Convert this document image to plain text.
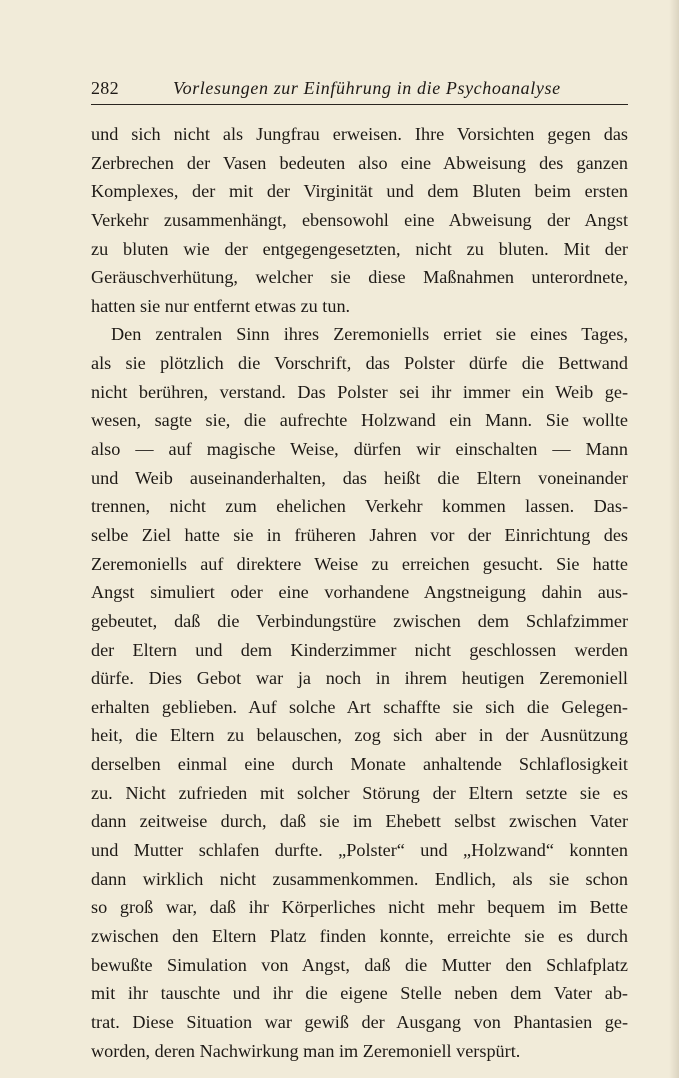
282	Vorlesungen zur Einführung in die Psychoanalyse
und sich nicht als Jungfrau erweisen. Ihre Vorsichten gegen das
Zerbrechen der Vasen bedeuten also eine Abweisung des ganzen
Komplexes, der mit der Virginität und dem Bluten beim ersten
Verkehr zusammenhängt, ebensowohl eine Abweisung der Angst
zu bluten wie der entgegengesetzten, nicht zu bluten. Mit der
Geräuschverhütung, welcher sie diese Maßnahmen unterordnete,
hatten sie nur entfernt etwas zu tun.
Den zentralen Sinn ihres Zeremoniells erriet sie eines Tages,
als sie plötzlich die Vorschrift, das Polster dürfe die Bettwand
nicht berühren, verstand. Das Polster sei ihr immer ein Weib ge-
wesen, sagte sie, die aufrechte Holzwand ein Mann. Sie wollte
also — auf magische Weise, dürfen wir einschalten — Mann
und Weib auseinanderhalten, das heißt die Eltern voneinander
trennen, nicht zum ehelichen Verkehr kommen lassen. Das-
selbe Ziel hatte sie in früheren Jahren vor der Einrichtung des
Zeremoniells auf direktere Weise zu erreichen gesucht. Sie hatte
Angst simuliert oder eine vorhandene Angstneigung dahin aus-
gebeutet, daß die Verbindungstüre zwischen dem Schlafzimmer
der Eltern und dem Kinderzimmer nicht geschlossen werden
dürfe. Dies Gebot war ja noch in ihrem heutigen Zeremoniell
erhalten geblieben. Auf solche Art schaffte sie sich die Gelegen-
heit, die Eltern zu belauschen, zog sich aber in der Ausnützung
derselben einmal eine durch Monate anhaltende Schlaflosigkeit
zu. Nicht zufrieden mit solcher Störung der Eltern setzte sie es
dann zeitweise durch, daß sie im Ehebett selbst zwischen Vater
und Mutter schlafen durfte. „Polster“ und „Holzwand“ konnten
dann wirklich nicht zusammenkommen. Endlich, als sie schon
so groß war, daß ihr Körperliches nicht mehr bequem im Bette
zwischen den Eltern Platz finden konnte, erreichte sie es durch
bewußte Simulation von Angst, daß die Mutter den Schlafplatz
mit ihr tauschte und ihr die eigene Stelle neben dem Vater ab-
trat. Diese Situation war gewiß der Ausgang von Phantasien ge-
worden, deren Nachwirkung man im Zeremoniell verspürt.
